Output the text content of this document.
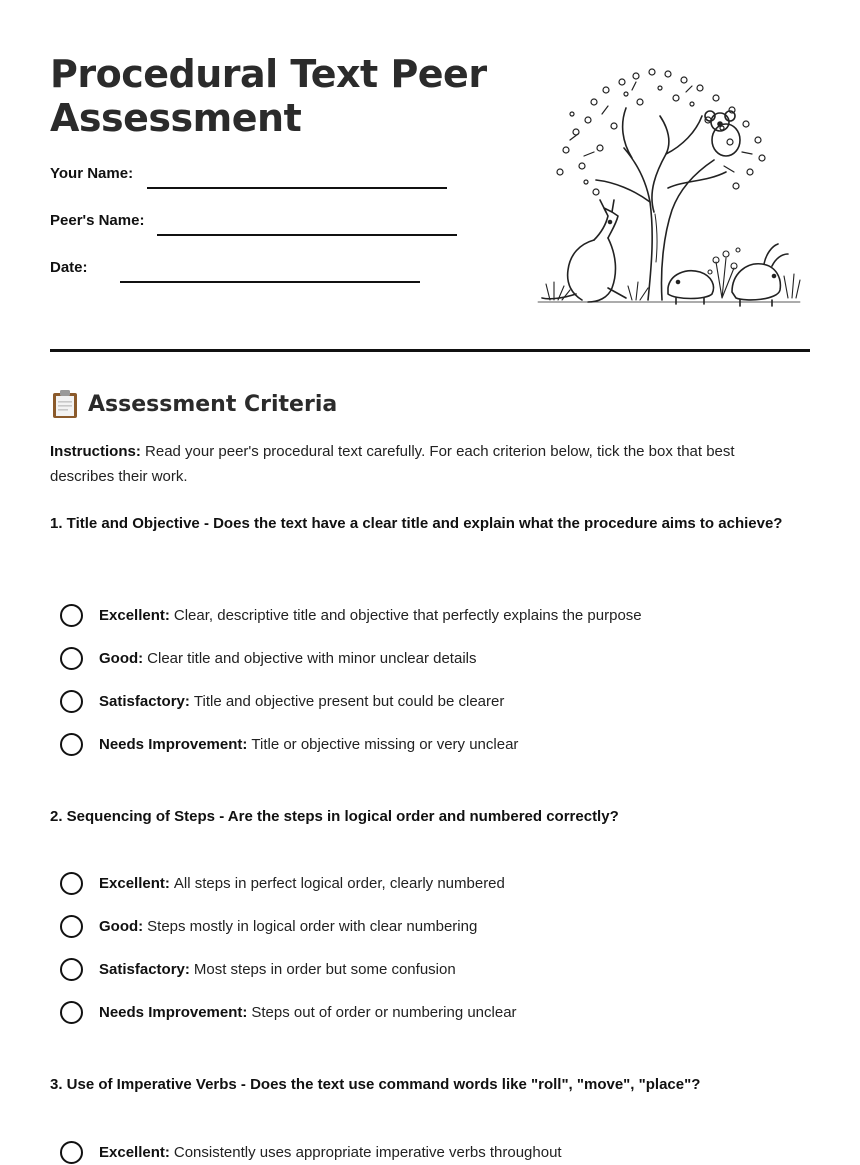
Procedural Text Peer Assessment
Your Name:
Peer's Name:
Date:
Assessment Criteria
Instructions: Read your peer's procedural text carefully. For each criterion below, tick the box that best describes their work.
1. Title and Objective - Does the text have a clear title and explain what the procedure aims to achieve?
Excellent: Clear, descriptive title and objective that perfectly explains the purpose
Good: Clear title and objective with minor unclear details
Satisfactory: Title and objective present but could be clearer
Needs Improvement: Title or objective missing or very unclear
2. Sequencing of Steps - Are the steps in logical order and numbered correctly?
Excellent: All steps in perfect logical order, clearly numbered
Good: Steps mostly in logical order with clear numbering
Satisfactory: Most steps in order but some confusion
Needs Improvement: Steps out of order or numbering unclear
3. Use of Imperative Verbs - Does the text use command words like "roll", "move", "place"?
Excellent: Consistently uses appropriate imperative verbs throughout
